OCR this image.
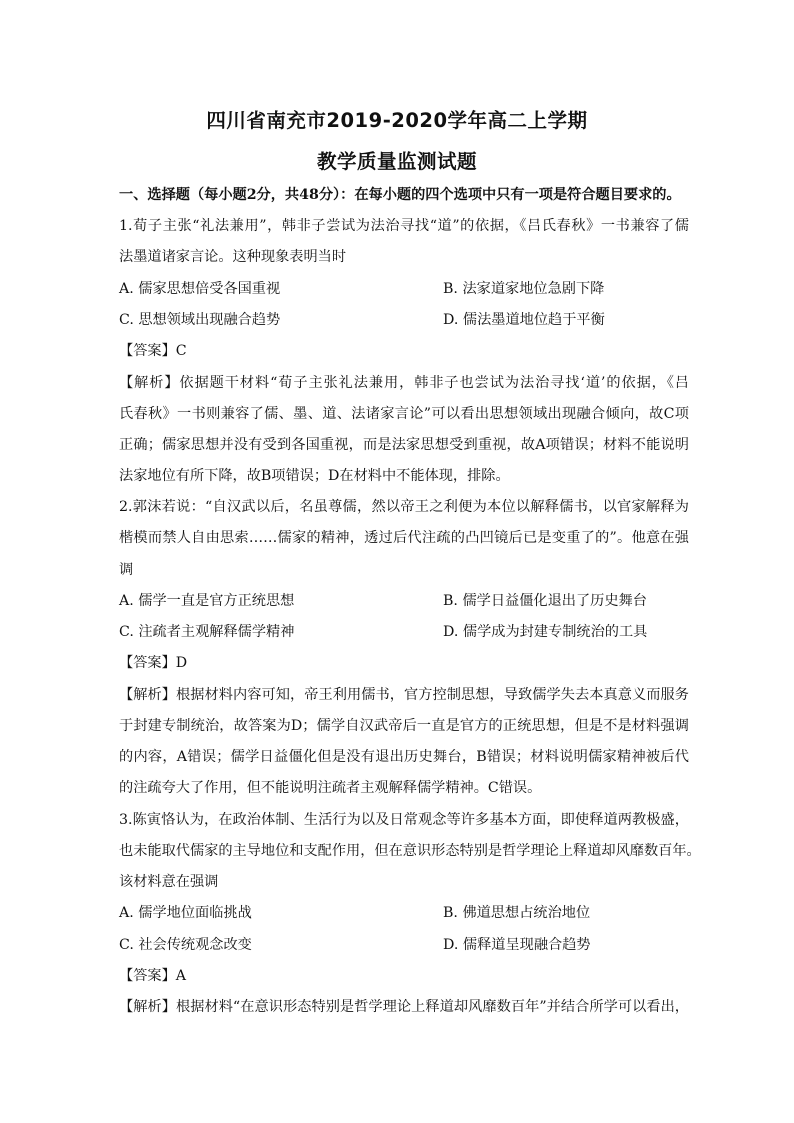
四川省南充市2019-2020学年高二上学期
教学质量监测试题
一、选择题（每小题2分，共48分）：在每小题的四个选项中只有一项是符合题目要求的。
1.荀子主张“礼法兼用”，韩非子尝试为法治寻找“道”的依据，《吕氏春秋》一书兼容了儒
法墨道诸家言论。这种现象表明当时
A. 儒家思想倍受各国重视	B. 法家道家地位急剧下降
C. 思想领域出现融合趋势	D. 儒法墨道地位趋于平衡
【答案】C
【解析】依据题干材料“荀子主张礼法兼用，韩非子也尝试为法治寻找‘道’的依据，《吕
氏春秋》一书则兼容了儒、墨、道、法诸家言论”可以看出思想领域出现融合倾向，故C项
正确；儒家思想并没有受到各国重视，而是法家思想受到重视，故A项错误；材料不能说明
法家地位有所下降，故B项错误；D在材料中不能体现，排除。
2.郭沫若说：“自汉武以后，名虽尊儒，然以帝王之利便为本位以解释儒书，以官家解释为
楷模而禁人自由思索……儒家的精神，透过后代注疏的凸凹镜后已是变重了的”。他意在强
调
A. 儒学一直是官方正统思想	B. 儒学日益僵化退出了历史舞台
C. 注疏者主观解释儒学精神	D. 儒学成为封建专制统治的工具
【答案】D
【解析】根据材料内容可知，帝王利用儒书，官方控制思想，导致儒学失去本真意义而服务
于封建专制统治，故答案为D；儒学自汉武帝后一直是官方的正统思想，但是不是材料强调
的内容，A错误；儒学日益僵化但是没有退出历史舞台，B错误；材料说明儒家精神被后代
的注疏夸大了作用，但不能说明注疏者主观解释儒学精神。C错误。
3.陈寅恪认为，在政治体制、生活行为以及日常观念等许多基本方面，即使释道两教极盛，
也未能取代儒家的主导地位和支配作用，但在意识形态特别是哲学理论上释道却风靡数百年。
该材料意在强调
A. 儒学地位面临挑战	B. 佛道思想占统治地位
C. 社会传统观念改变	D. 儒释道呈现融合趋势
【答案】A
【解析】根据材料“在意识形态特别是哲学理论上释道却风靡数百年”并结合所学可以看出，
